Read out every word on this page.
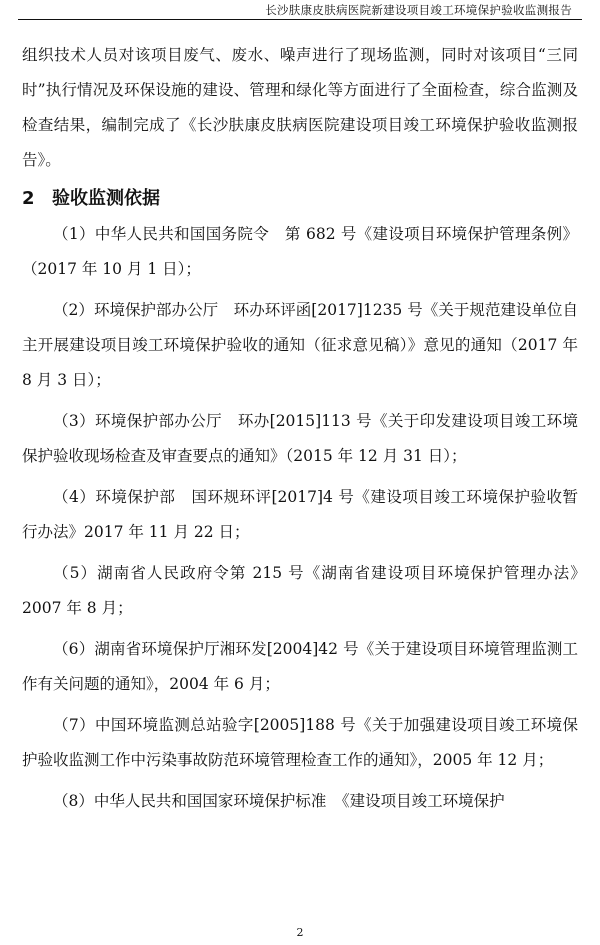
长沙肤康皮肤病医院新建设项目竣工环境保护验收监测报告

组织技术人员对该项目废气、废水、噪声进行了现场监测，同时对该项目“三同时”执行情况及环保设施的建设、管理和绿化等方面进行了全面检查，综合监测及检查结果，编制完成了《长沙肤康皮肤病医院建设项目竣工环境保护验收监测报告》。

2 验收监测依据

（1）中华人民共和国国务院令　第 682 号《建设项目环境保护管理条例》（2017 年 10 月 1 日）；

（2）环境保护部办公厅　环办环评函[2017]1235 号《关于规范建设单位自主开展建设项目竣工环境保护验收的通知（征求意见稿）》意见的通知（2017 年 8 月 3 日）；

（3）环境保护部办公厅　环办[2015]113 号《关于印发建设项目竣工环境保护验收现场检查及审查要点的通知》（2015 年 12 月 31 日）；

（4）环境保护部　国环规环评[2017]4 号《建设项目竣工环境保护验收暂行办法》2017 年 11 月 22 日；

（5）湖南省人民政府令第 215 号《湖南省建设项目环境保护管理办法》　2007 年 8 月；

（6）湖南省环境保护厅湘环发[2004]42 号《关于建设项目环境管理监测工作有关问题的通知》，2004 年 6 月；

（7）中国环境监测总站验字[2005]188 号《关于加强建设项目竣工环境保护验收监测工作中污染事故防范环境管理检查工作的通知》，2005 年 12 月；

（8）中华人民共和国国家环境保护标准　《建设项目竣工环境保护

2
